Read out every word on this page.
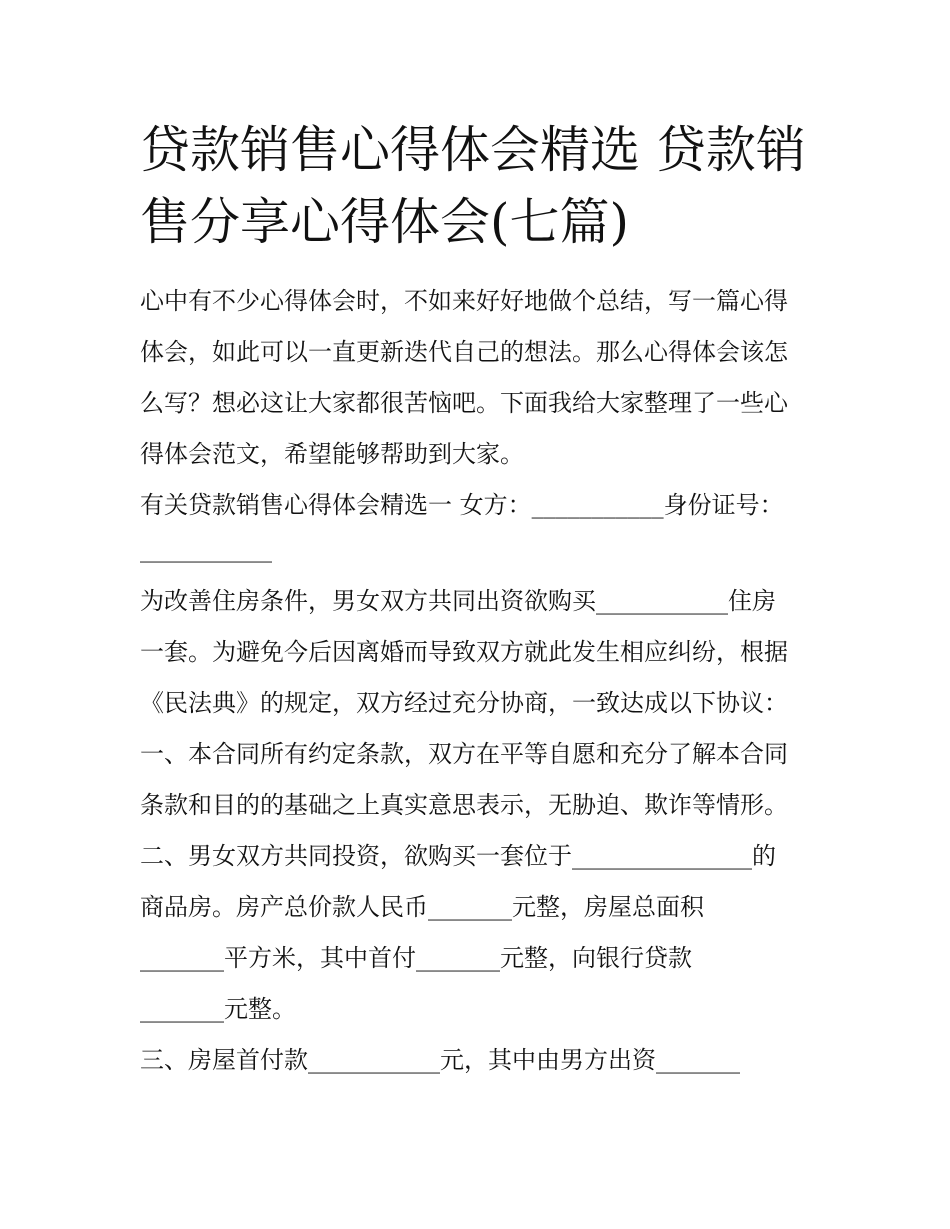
贷款销售心得体会精选 贷款销
售分享心得体会(七篇)
心中有不少心得体会时，不如来好好地做个总结，写一篇心得
体会，如此可以一直更新迭代自己的想法。那么心得体会该怎
么写？想必这让大家都很苦恼吧。下面我给大家整理了一些心
得体会范文，希望能够帮助到大家。
有关贷款销售心得体会精选一 女方：___________身份证号：
___________
为改善住房条件，男女双方共同出资欲购买___________住房
一套。为避免今后因离婚而导致双方就此发生相应纠纷，根据
《民法典》的规定，双方经过充分协商，一致达成以下协议：
一、本合同所有约定条款，双方在平等自愿和充分了解本合同
条款和目的的基础之上真实意思表示，无胁迫、欺诈等情形。
二、男女双方共同投资，欲购买一套位于_______________的
商品房。房产总价款人民币_______元整，房屋总面积
_______平方米，其中首付_______元整，向银行贷款
_______元整。
三、房屋首付款___________元，其中由男方出资_______
